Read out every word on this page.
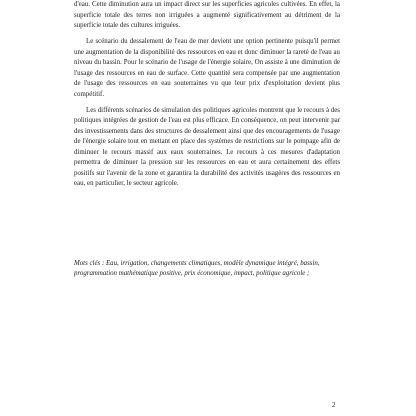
d'eau. Cette diminution aura un impact direct sur les superficies agricoles cultivées. En effet, la superficie totale des terres non irriguées a augmenté significativement au détriment de la superficie totale des cultures irriguées.

Le scénario du dessalement de l'eau de mer devient une option pertinente puisqu'il permet une augmentation de la disponibilité des ressources en eau et donc diminuer la rareté de l'eau au niveau du bassin. Pour le scénario de l'usage de l'énergie solaire, On assiste à une diminution de l'usage des ressources en eau de surface. Cette quantité sera compensée par une augmentation de l'usage des ressources en eau souterraines vu que leur prix d'exploitation devient plus compétitif.

Les différents scénarios de simulation des politiques agricoles montrent que le recours à des politiques intégrées de gestion de l'eau est plus efficace. En conséquence, on peut intervenir par des investissements dans des structures de dessalement ainsi que des encouragements de l'usage de l'énergie solaire tout en mettant en place des systèmes de restrictions sur le pompage afin de diminuer le recours massif aux eaux souterraines. Le recours à ces mesures d'adaptation permettra de diminuer la pression sur les ressources en eau et aura certainement des effets positifs sur l'avenir de la zone et garantira la durabilité des activités usagères des ressources en eau, en particulier, le secteur agricole.

Mots clés : Eau, irrigation, changements climatiques, modèle dynamique intégré, bassin, programmation mathématique positive, prix économique, impact, politique agricole ;
2
